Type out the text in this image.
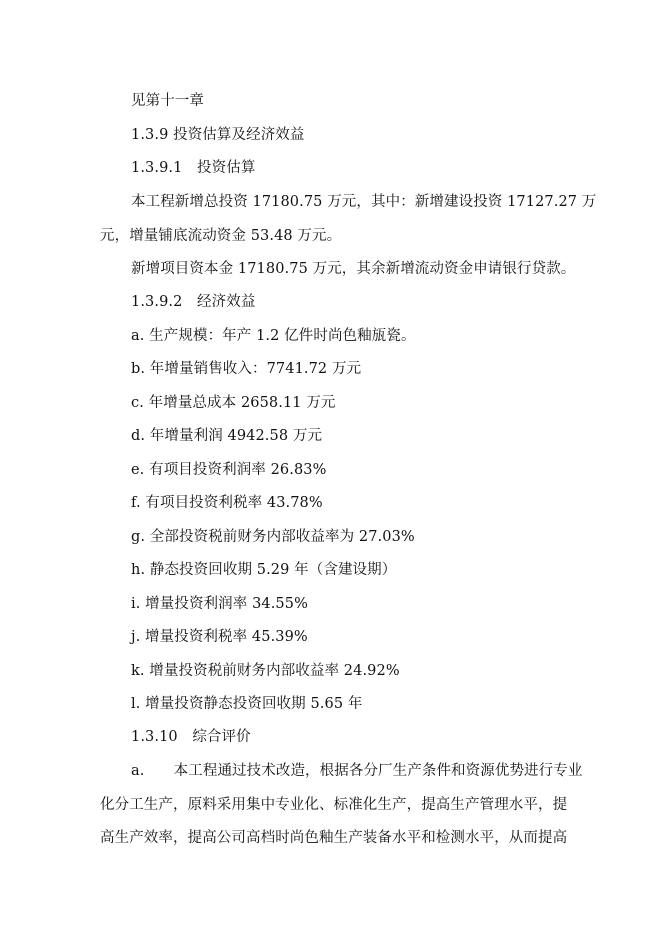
见第十一章
1.3.9 投资估算及经济效益
1.3.9.1　投资估算
本工程新增总投资 17180.75 万元，其中：新增建设投资 17127.27 万
元，增量铺底流动资金 53.48 万元。
新增项目资本金 17180.75 万元，其余新增流动资金申请银行贷款。
1.3.9.2　经济效益
a. 生产规模：年产 1.2 亿件时尚色釉瓬瓷。
b. 年增量销售收入：7741.72 万元
c. 年增量总成本 2658.11 万元
d. 年增量利润 4942.58 万元
e. 有项目投资利润率 26.83%
f. 有项目投资利税率 43.78%
g. 全部投资税前财务内部收益率为 27.03%
h. 静态投资回收期 5.29 年（含建设期）
i. 增量投资利润率 34.55%
j. 增量投资利税率 45.39%
k. 增量投资税前财务内部收益率 24.92%
l. 增量投资静态投资回收期 5.65 年
1.3.10　综合评价
a.　　本工程通过技术改造，根据各分厂生产条件和资源优势进行专业
化分工生产，原料采用集中专业化、标准化生产，提高生产管理水平，提
高生产效率，提高公司高档时尚色釉生产装备水平和检测水平，从而提高
